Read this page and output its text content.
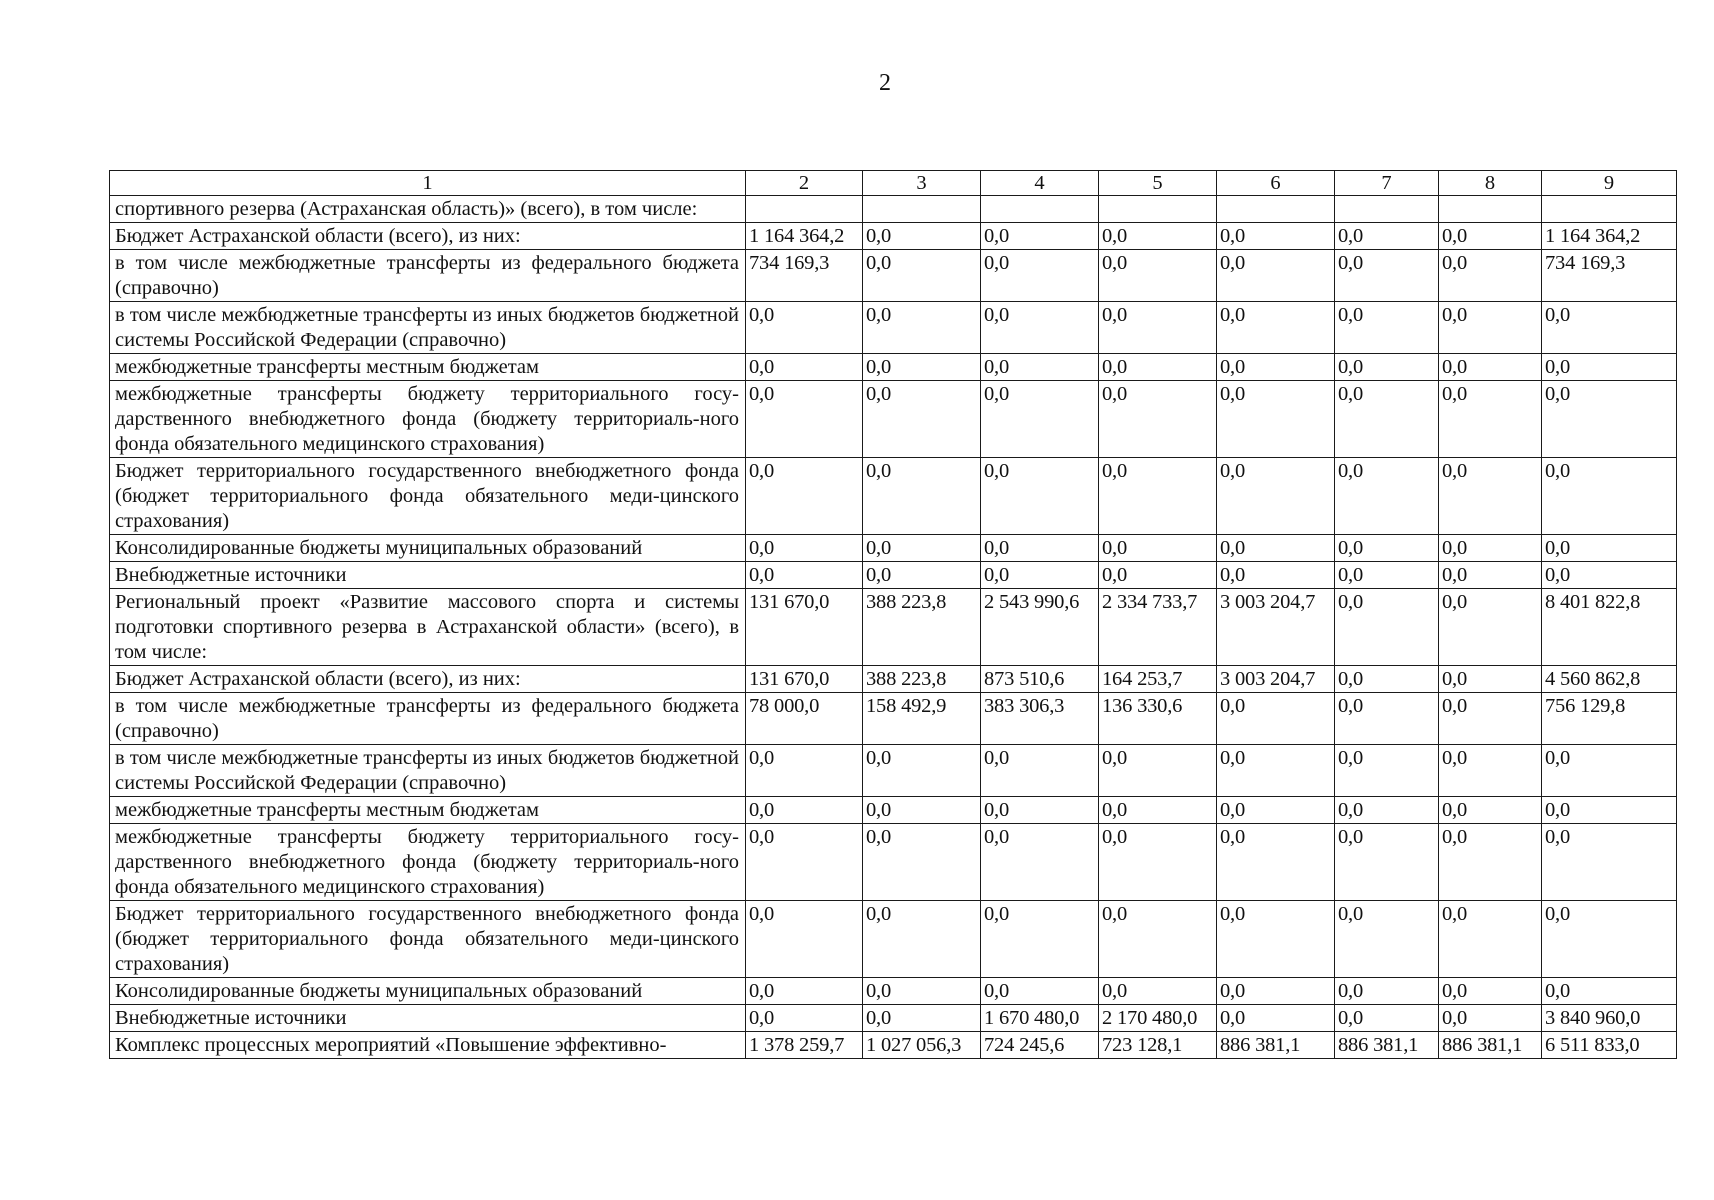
2
1	2	3	4	5	6	7	8	9
спортивного резерва (Астраханская область)» (всего), в том числе:								
Бюджет Астраханской области (всего), из них:	1 164 364,2	0,0	0,0	0,0	0,0	0,0	0,0	1 164 364,2
в том числе межбюджетные трансферты из федерального бюджета (справочно)	734 169,3	0,0	0,0	0,0	0,0	0,0	0,0	734 169,3
в том числе межбюджетные трансферты из иных бюджетов бюджетной системы Российской Федерации (справочно)	0,0	0,0	0,0	0,0	0,0	0,0	0,0	0,0
межбюджетные трансферты местным бюджетам	0,0	0,0	0,0	0,0	0,0	0,0	0,0	0,0
межбюджетные трансферты бюджету территориального госу-дарственного внебюджетного фонда (бюджету территориаль-ного фонда обязательного медицинского страхования)	0,0	0,0	0,0	0,0	0,0	0,0	0,0	0,0
Бюджет территориального государственного внебюджетного фонда (бюджет территориального фонда обязательного меди-цинского страхования)	0,0	0,0	0,0	0,0	0,0	0,0	0,0	0,0
Консолидированные бюджеты муниципальных образований	0,0	0,0	0,0	0,0	0,0	0,0	0,0	0,0
Внебюджетные источники	0,0	0,0	0,0	0,0	0,0	0,0	0,0	0,0
Региональный проект «Развитие массового спорта и системы подготовки спортивного резерва в Астраханской области» (всего), в том числе:	131 670,0	388 223,8	2 543 990,6	2 334 733,7	3 003 204,7	0,0	0,0	8 401 822,8
Бюджет Астраханской области (всего), из них:	131 670,0	388 223,8	873 510,6	164 253,7	3 003 204,7	0,0	0,0	4 560 862,8
в том числе межбюджетные трансферты из федерального бюджета (справочно)	78 000,0	158 492,9	383 306,3	136 330,6	0,0	0,0	0,0	756 129,8
в том числе межбюджетные трансферты из иных бюджетов бюджетной системы Российской Федерации (справочно)	0,0	0,0	0,0	0,0	0,0	0,0	0,0	0,0
межбюджетные трансферты местным бюджетам	0,0	0,0	0,0	0,0	0,0	0,0	0,0	0,0
межбюджетные трансферты бюджету территориального госу-дарственного внебюджетного фонда (бюджету территориаль-ного фонда обязательного медицинского страхования)	0,0	0,0	0,0	0,0	0,0	0,0	0,0	0,0
Бюджет территориального государственного внебюджетного фонда (бюджет территориального фонда обязательного меди-цинского страхования)	0,0	0,0	0,0	0,0	0,0	0,0	0,0	0,0
Консолидированные бюджеты муниципальных образований	0,0	0,0	0,0	0,0	0,0	0,0	0,0	0,0
Внебюджетные источники	0,0	0,0	1 670 480,0	2 170 480,0	0,0	0,0	0,0	3 840 960,0
Комплекс процессных мероприятий «Повышение эффективно-	1 378 259,7	1 027 056,3	724 245,6	723 128,1	886 381,1	886 381,1	886 381,1	6 511 833,0
